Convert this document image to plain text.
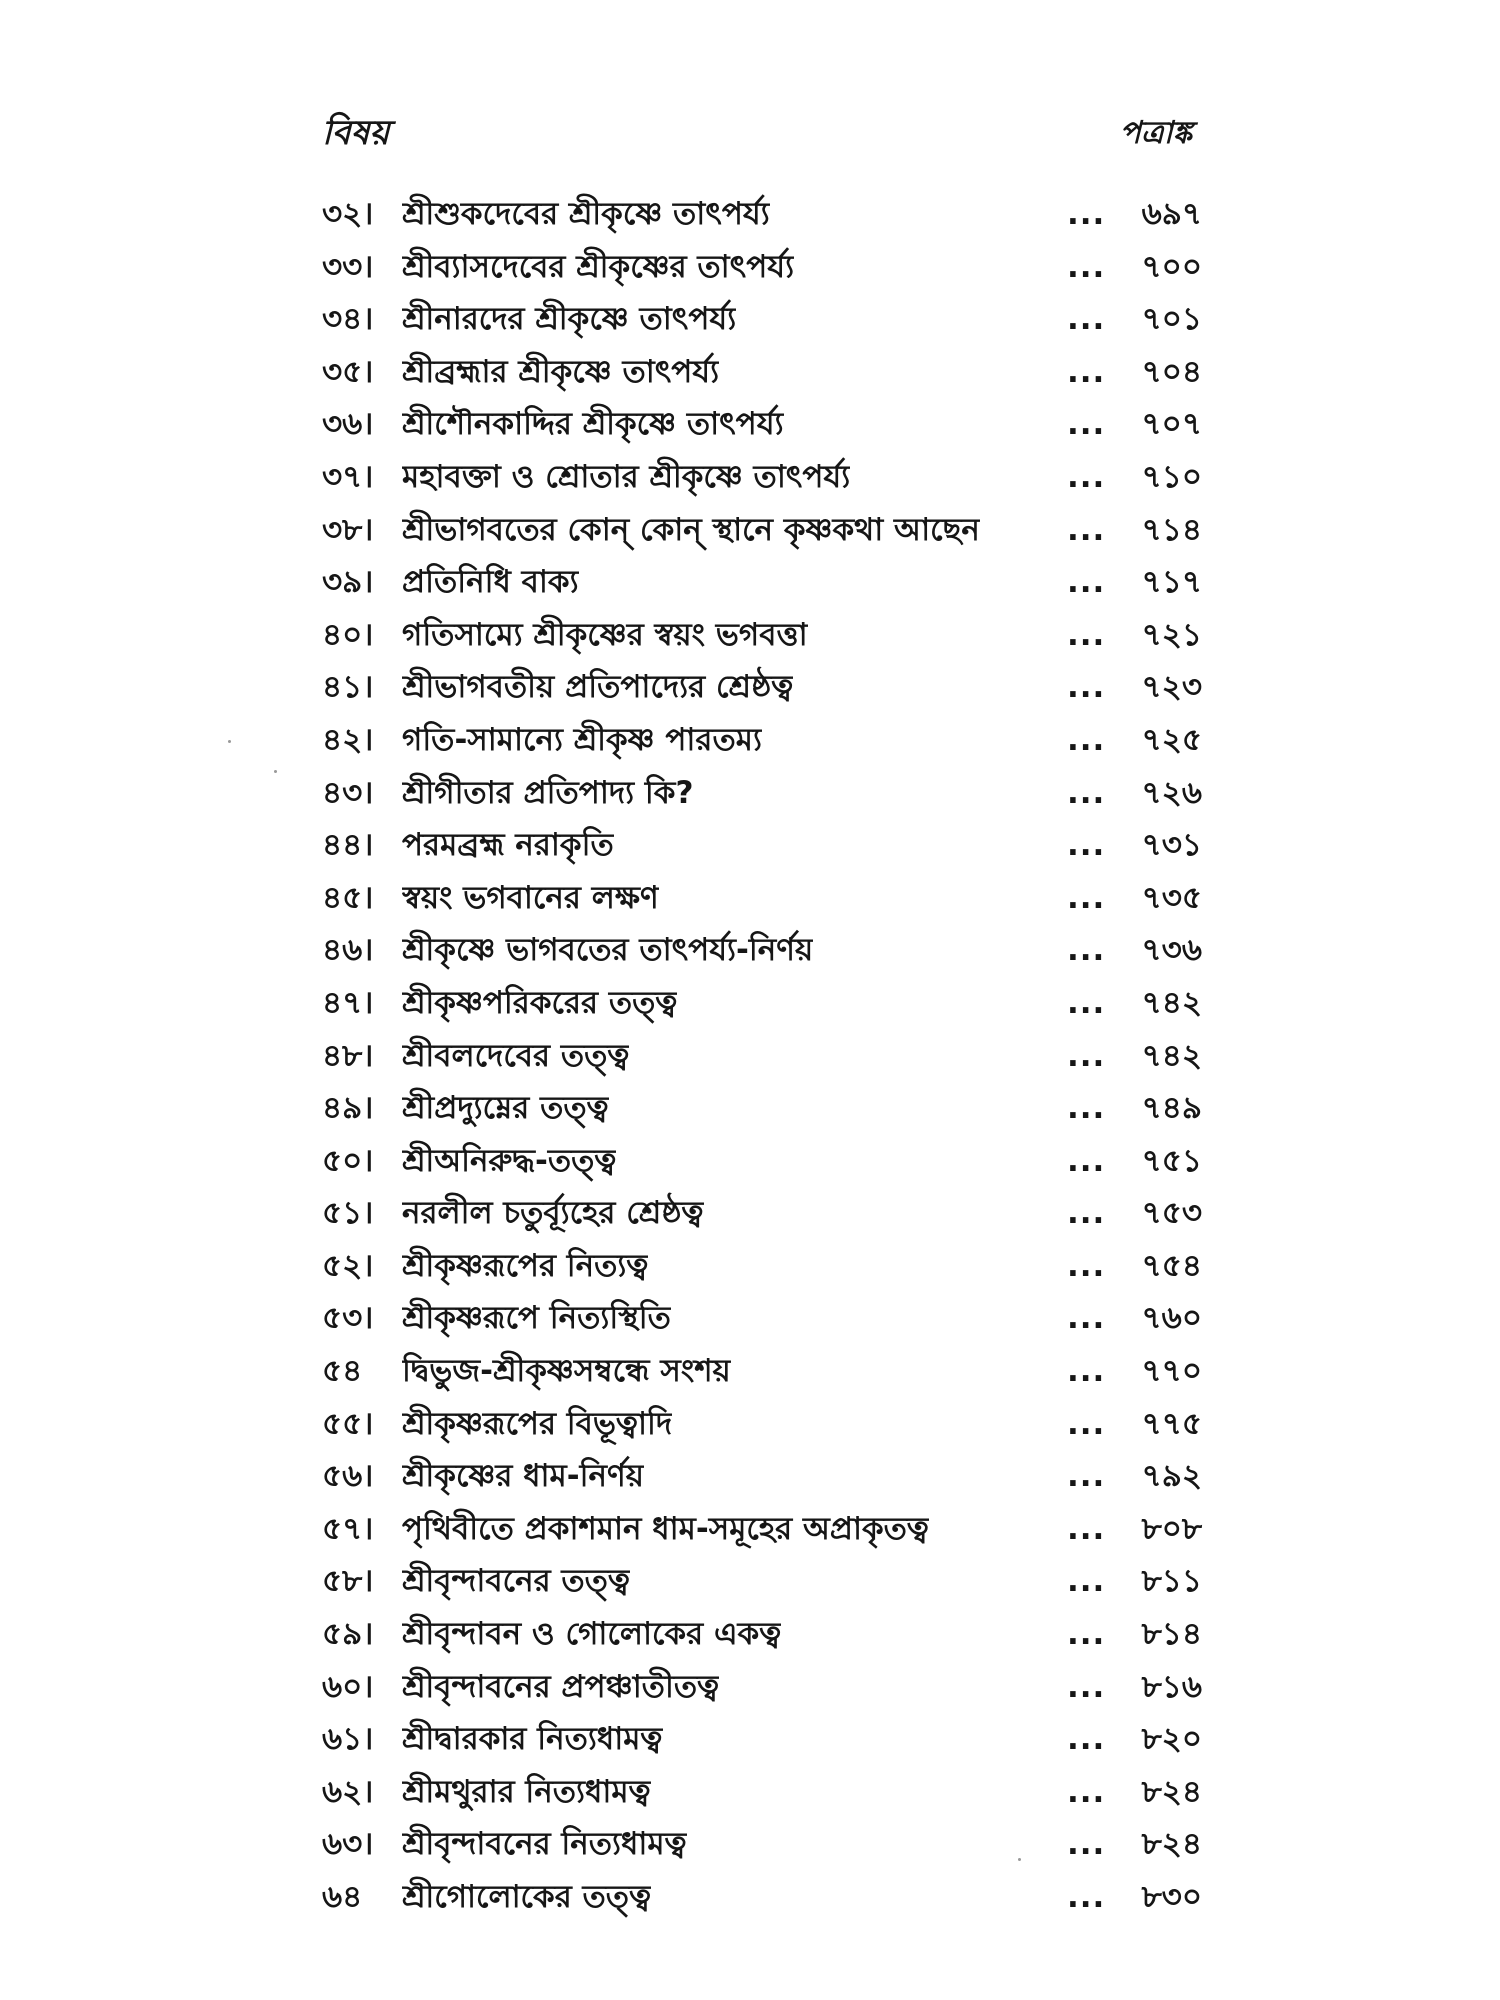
বিষয়	পত্রাঙ্ক
৩২। শ্রীশুকদেবের শ্রীকৃষ্ণে তাৎপর্য্য	...	৬৯৭
৩৩। শ্রীব্যাসদেবের শ্রীকৃষ্ণের তাৎপর্য্য	...	৭০০
৩৪। শ্রীনারদের শ্রীকৃষ্ণে তাৎপর্য্য	...	৭০১
৩৫। শ্রীব্রহ্মার শ্রীকৃষ্ণে তাৎপর্য্য	...	৭০৪
৩৬। শ্রীশৌনকাদ্দির শ্রীকৃষ্ণে তাৎপর্য্য	...	৭০৭
৩৭। মহাবক্তা ও শ্রোতার শ্রীকৃষ্ণে তাৎপর্য্য	...	৭১০
৩৮। শ্রীভাগবতের কোন্ কোন্ স্থানে কৃষ্ণকথা আছেন	...	৭১৪
৩৯। প্রতিনিধি বাক্য	...	৭১৭
৪০। গতিসাম্যে শ্রীকৃষ্ণের স্বয়ং ভগবত্তা	...	৭২১
৪১। শ্রীভাগবতীয় প্রতিপাদ্যের শ্রেষ্ঠত্ব	...	৭২৩
৪২। গতি-সামান্যে শ্রীকৃষ্ণ পারতম্য	...	৭২৫
৪৩। শ্রীগীতার প্রতিপাদ্য কি?	...	৭২৬
৪৪। পরমব্রহ্ম নরাকৃতি	...	৭৩১
৪৫। স্বয়ং ভগবানের লক্ষণ	...	৭৩৫
৪৬। শ্রীকৃষ্ণে ভাগবতের তাৎপর্য্য-নির্ণয়	...	৭৩৬
৪৭। শ্রীকৃষ্ণপরিকরের তত্ত্ব	...	৭৪২
৪৮। শ্রীবলদেবের তত্ত্ব	...	৭৪২
৪৯। শ্রীপ্রদ্যুম্নের তত্ত্ব	...	৭৪৯
৫০। শ্রীঅনিরুদ্ধ-তত্ত্ব	...	৭৫১
৫১। নরলীল চতুর্ব্যূহের শ্রেষ্ঠত্ব	...	৭৫৩
৫২। শ্রীকৃষ্ণরূপের নিত্যত্ব	...	৭৫৪
৫৩। শ্রীকৃষ্ণরূপে নিত্যস্থিতি	...	৭৬০
৫৪	দ্বিভুজ-শ্রীকৃষ্ণসম্বন্ধে সংশয়	...	৭৭০
৫৫। শ্রীকৃষ্ণরূপের বিভূত্বাদি	...	৭৭৫
৫৬। শ্রীকৃষ্ণের ধাম-নির্ণয়	...	৭৯২
৫৭। পৃথিবীতে প্রকাশমান ধাম-সমূহের অপ্রাকৃতত্ব	...	৮০৮
৫৮। শ্রীবৃন্দাবনের তত্ত্ব	...	৮১১
৫৯। শ্রীবৃন্দাবন ও গোলোকের একত্ব	...	৮১৪
৬০। শ্রীবৃন্দাবনের প্রপঞ্চাতীতত্ব	...	৮১৬
৬১। শ্রীদ্বারকার নিত্যধামত্ব	...	৮২০
৬২। শ্রীমথুরার নিত্যধামত্ব	...	৮২৪
৬৩। শ্রীবৃন্দাবনের নিত্যধামত্ব	...	৮২৪
৬৪	শ্রীগোলোকের তত্ত্ব	...	৮৩০
